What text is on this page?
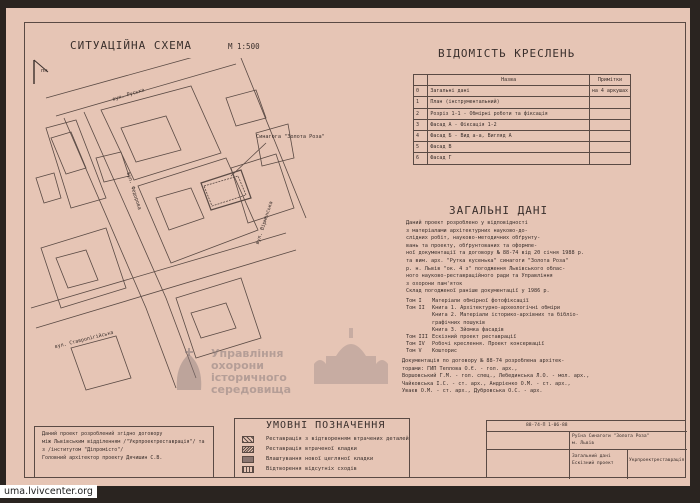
СИТУАЦІЙНА СХЕМА	М 1:500
пн
вул. Руська
вул. Федорова
вул. Ставропігійська
вул. Вірменська
Синагога "Золота Роза"
ВІДОМІСТЬ КРЕСЛЕНЬ
	Назва	Примітки
0	Загальні дані	на 4 аркушах
1	План (інструментальний)	
2	Розріз 1-1 - Обмірні роботи та фіксація	
3	Фасад А - Фіксація 1-2	
4	Фасад Б - Вид а-а, Вигляд А	
5	Фасад В	
6	Фасад Г	
ЗАГАЛЬНІ ДАНІ
Даний проект розроблено у відповідності
з матеріалами архітектурних науково-до-
слідних робіт, науково-методичних обґрунту-
вань та проекту, обґрунтованих та оформле-
ної документації та договору № 88-74 від 20 січня 1988 р.
та вим. арх. "Рутка кусенька" синагоги "Золота Роза"
р. н. Львів "ок. 4 з" погодження Львівського облас-
ного науково-реставраційного ради та Управління
з охорони пам'яток
Склад погодженої раніше документації у 1986 р.
Том I Матеріали обмірної фотофіксації
Том II Книга 1. Архітектурно-археологічні обміри
Книга 2. Матеріали історико-архівних та бібліо-
графічних пошуків
Книга 3. Зйомка фасадів
Том III Ескізний проект реставрації
Том IV Робочі креслення. Проект консервації
Том V Кошторис
Документація по договору № 88-74 розроблена архітек-
торами: ГИП Теплова О.Є. - гол. арх.,
Воршовський Г.М. - гол. спец., Лебединська Л.О. - мол. арх.,
Чайковська І.С. - ст. арх., Андрієнко О.М. - ст. арх.,
Уваєв О.М. - ст. арх., Дубровська О.С. - арх.
Управління
охорони
історичного
середовища
Даний проект розроблений згідно договору
між Львівським відділенням /"Укрпроектреставрація"/ та
з /інститутом "Діпромісто"/
Головний архітектор проекту Дячишин С.В.
УМОВНІ ПОЗНАЧЕННЯ
Реставрація з відтворенням втрачених деталей
Реставрація втраченої кладки
Влаштування нової цегляної кладки
Відтворення відсутніх сходів
88-74-П 1-06-88
Руїна Синагоги "Золота Роза"
м. Львів
Загальний дані
Ескізний проект
Укрпроектреставрація
uma.lvivcenter.org
